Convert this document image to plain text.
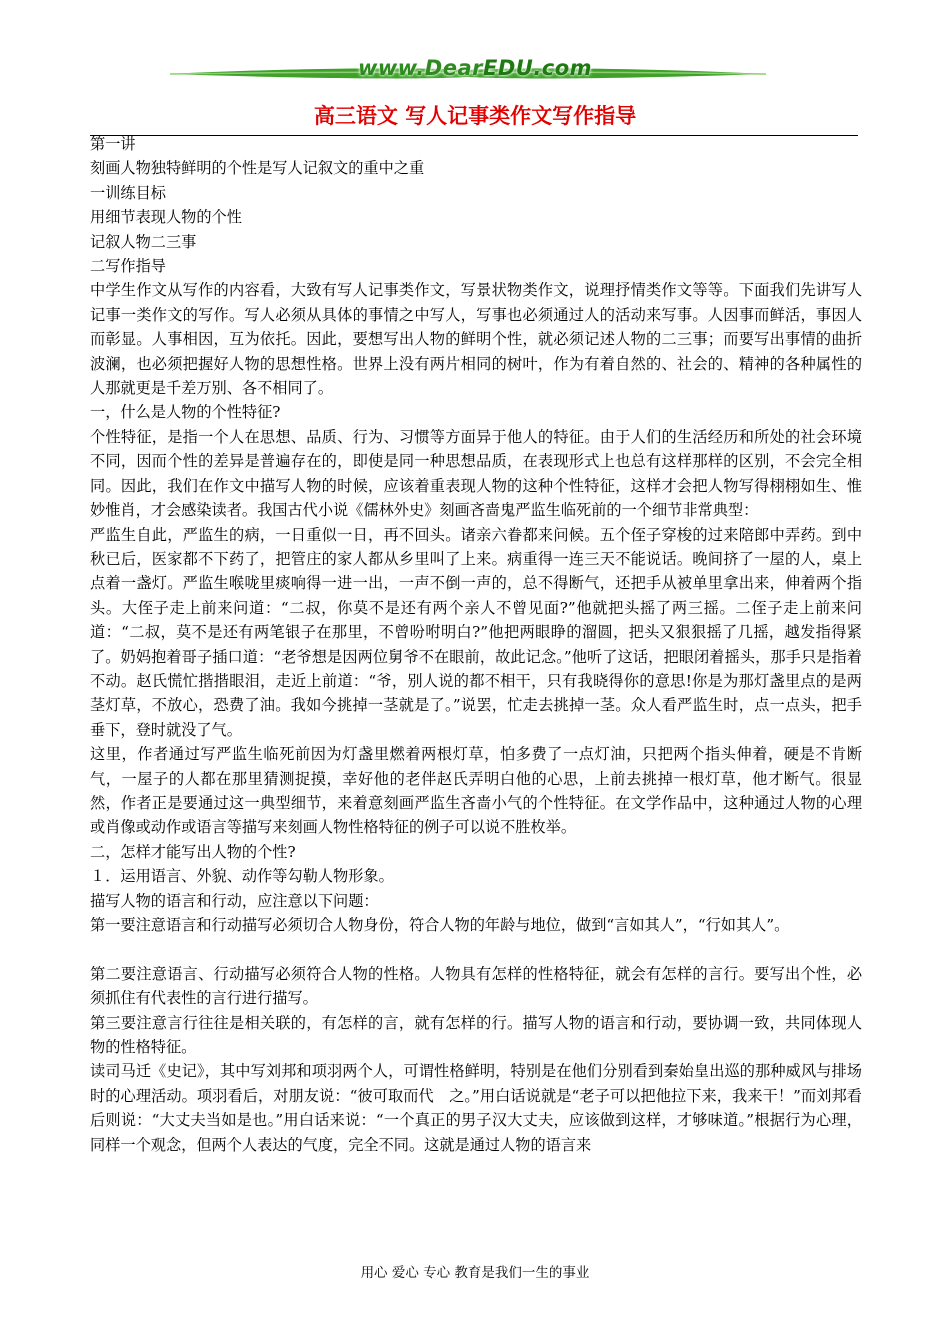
www.DearEDU.com
高三语文 写人记事类作文写作指导
第一讲
刻画人物独特鲜明的个性是写人记叙文的重中之重
一训练目标
用细节表现人物的个性
记叙人物二三事
二写作指导
中学生作文从写作的内容看，大致有写人记事类作文，写景状物类作文，说理抒情类作文等等。下面我们先讲写人记事一类作文的写作。写人必须从具体的事情之中写人，写事也必须通过人的活动来写事。人因事而鲜活，事因人而彰显。人事相因，互为依托。因此，要想写出人物的鲜明个性，就必须记述人物的二三事；而要写出事情的曲折波澜，也必须把握好人物的思想性格。世界上没有两片相同的树叶，作为有着自然的、社会的、精神的各种属性的人那就更是千差万别、各不相同了。
一，什么是人物的个性特征?
个性特征，是指一个人在思想、品质、行为、习惯等方面异于他人的特征。由于人们的生活经历和所处的社会环境不同，因而个性的差异是普遍存在的，即使是同一种思想品质，在表现形式上也总有这样那样的区别，不会完全相同。因此，我们在作文中描写人物的时候，应该着重表现人物的这种个性特征，这样才会把人物写得栩栩如生、惟妙惟肖，才会感染读者。我国古代小说《儒林外史》刻画吝啬鬼严监生临死前的一个细节非常典型：
严监生自此，严监生的病，一日重似一日，再不回头。诸亲六眷都来问候。五个侄子穿梭的过来陪郎中弄药。到中秋已后，医家都不下药了，把管庄的家人都从乡里叫了上来。病重得一连三天不能说话。晚间挤了一屋的人，桌上点着一盏灯。严监生喉咙里痰响得一进一出，一声不倒一声的，总不得断气，还把手从被单里拿出来，伸着两个指头。大侄子走上前来问道：“二叔，你莫不是还有两个亲人不曾见面?”他就把头摇了两三摇。二侄子走上前来问道：“二叔，莫不是还有两笔银子在那里，不曾吩咐明白?”他把两眼睁的溜圆，把头又狠狠摇了几摇，越发指得紧了。奶妈抱着哥子插口道：“老爷想是因两位舅爷不在眼前，故此记念。”他听了这话，把眼闭着摇头，那手只是指着不动。赵氏慌忙揩揩眼泪，走近上前道：“爷，别人说的都不相干，只有我晓得你的意思!你是为那灯盏里点的是两茎灯草，不放心，恐费了油。我如今挑掉一茎就是了。”说罢，忙走去挑掉一茎。众人看严监生时，点一点头，把手垂下，登时就没了气。
这里，作者通过写严监生临死前因为灯盏里燃着两根灯草，怕多费了一点灯油，只把两个指头伸着，硬是不肯断气，一屋子的人都在那里猜测捉摸，幸好他的老伴赵氏弄明白他的心思，上前去挑掉一根灯草，他才断气。很显然，作者正是要通过这一典型细节，来着意刻画严监生吝啬小气的个性特征。在文学作品中，这种通过人物的心理或肖像或动作或语言等描写来刻画人物性格特征的例子可以说不胜枚举。
二，怎样才能写出人物的个性?
１．运用语言、外貌、动作等勾勒人物形象。
描写人物的语言和行动，应注意以下问题：
第一要注意语言和行动描写必须切合人物身份，符合人物的年龄与地位，做到“言如其人”，“行如其人”。
第二要注意语言、行动描写必须符合人物的性格。人物具有怎样的性格特征，就会有怎样的言行。要写出个性，必须抓住有代表性的言行进行描写。
第三要注意言行往往是相关联的，有怎样的言，就有怎样的行。描写人物的语言和行动，要协调一致，共同体现人物的性格特征。
读司马迁《史记》，其中写刘邦和项羽两个人，可谓性格鲜明，特别是在他们分别看到秦始皇出巡的那种威风与排场时的心理活动。项羽看后，对朋友说：“彼可取而代　之。”用白话说就是“老子可以把他拉下来，我来干！”而刘邦看后则说：“大丈夫当如是也。”用白话来说：“一个真正的男子汉大丈夫，应该做到这样，才够味道。”根据行为心理，同样一个观念，但两个人表达的气度，完全不同。这就是通过人物的语言来
用心 爱心 专心 教育是我们一生的事业
